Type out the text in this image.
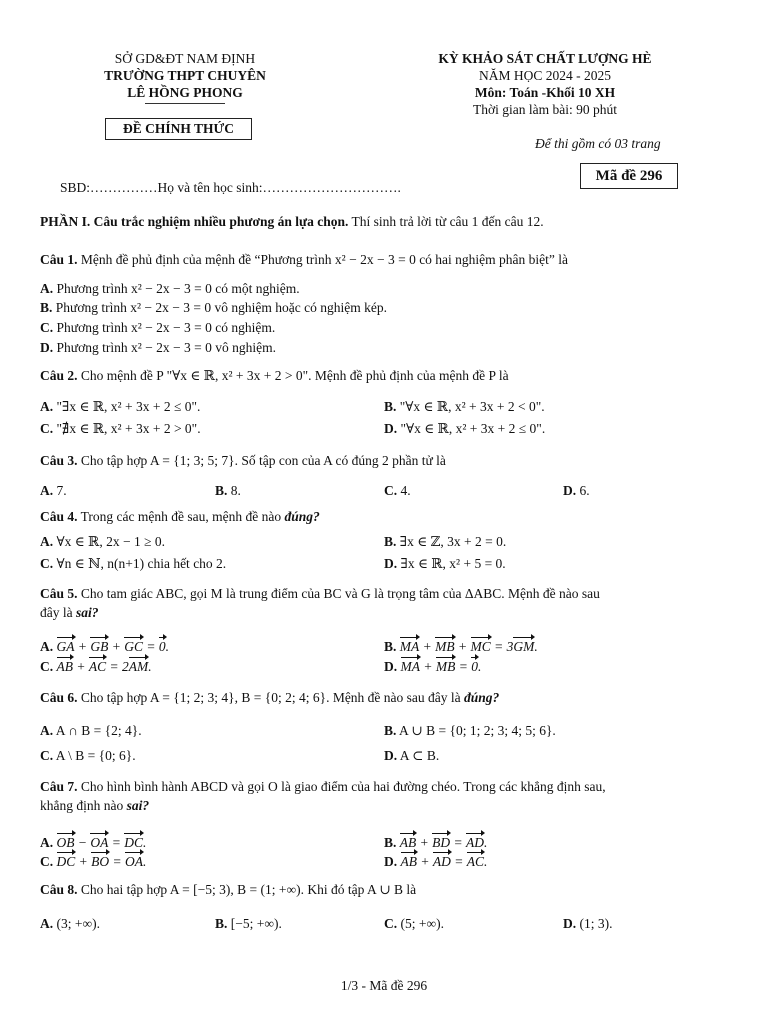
SỞ GD&ĐT NAM ĐỊNH
TRƯỜNG THPT CHUYÊN
LÊ HỒNG PHONG
ĐỀ CHÍNH THỨC
KỲ KHẢO SÁT CHẤT LƯỢNG HÈ
NĂM HỌC 2024 - 2025
Môn: Toán -Khối 10 XH
Thời gian làm bài: 90 phút
Để thi gồm có 03 trang
Mã đề 296
SBD:……………Họ và tên học sinh:………………………….
PHẦN I. Câu trắc nghiệm nhiều phương án lựa chọn. Thí sinh trả lời từ câu 1 đến câu 12.
Câu 1. Mệnh đề phủ định của mệnh đề “Phương trình x² − 2x − 3 = 0 có hai nghiệm phân biệt” là
A. Phương trình x² − 2x − 3 = 0 có một nghiệm.
B. Phương trình x² − 2x − 3 = 0 vô nghiệm hoặc có nghiệm kép.
C. Phương trình x² − 2x − 3 = 0 có nghiệm.
D. Phương trình x² − 2x − 3 = 0 vô nghiệm.
Câu 2. Cho mệnh đề P "∀x ∈ ℝ, x² + 3x + 2 > 0". Mệnh đề phủ định của mệnh đề P là
A. "∃x ∈ ℝ, x² + 3x + 2 ≤ 0".	B. "∀x ∈ ℝ, x² + 3x + 2 < 0".
C. "∄x ∈ ℝ, x² + 3x + 2 > 0".	D. "∀x ∈ ℝ, x² + 3x + 2 ≤ 0".
Câu 3. Cho tập hợp A = {1; 3; 5; 7}. Số tập con của A có đúng 2 phần tử là
A. 7.	B. 8.	C. 4.	D. 6.
Câu 4. Trong các mệnh đề sau, mệnh đề nào đúng?
A. ∀x ∈ ℝ, 2x − 1 ≥ 0.	B. ∃x ∈ ℤ, 3x + 2 = 0.
C. ∀n ∈ ℕ, n(n+1) chia hết cho 2.	D. ∃x ∈ ℝ, x² + 5 = 0.
Câu 5. Cho tam giác ABC, gọi M là trung điểm của BC và G là trọng tâm của ΔABC. Mệnh đề nào sau
đây là sai?
A. GA + GB + GC = 0.	B. MA + MB + MC = 3GM.
C. AB + AC = 2AM.	D. MA + MB = 0.
Câu 6. Cho tập hợp A = {1; 2; 3; 4}, B = {0; 2; 4; 6}. Mệnh đề nào sau đây là đúng?
A. A ∩ B = {2; 4}.	B. A ∪ B = {0; 1; 2; 3; 4; 5; 6}.
C. A \ B = {0; 6}.	D. A ⊂ B.
Câu 7. Cho hình bình hành ABCD và gọi O là giao điểm của hai đường chéo. Trong các khẳng định sau,
khẳng định nào sai?
A. OB − OA = DC.	B. AB + BD = AD.
C. DC + BO = OA.	D. AB + AD = AC.
Câu 8. Cho hai tập hợp A = [−5; 3), B = (1; +∞). Khi đó tập A ∪ B là
A. (3; +∞).	B. [−5; +∞).	C. (5; +∞).	D. (1; 3).
1/3 - Mã đề 296
